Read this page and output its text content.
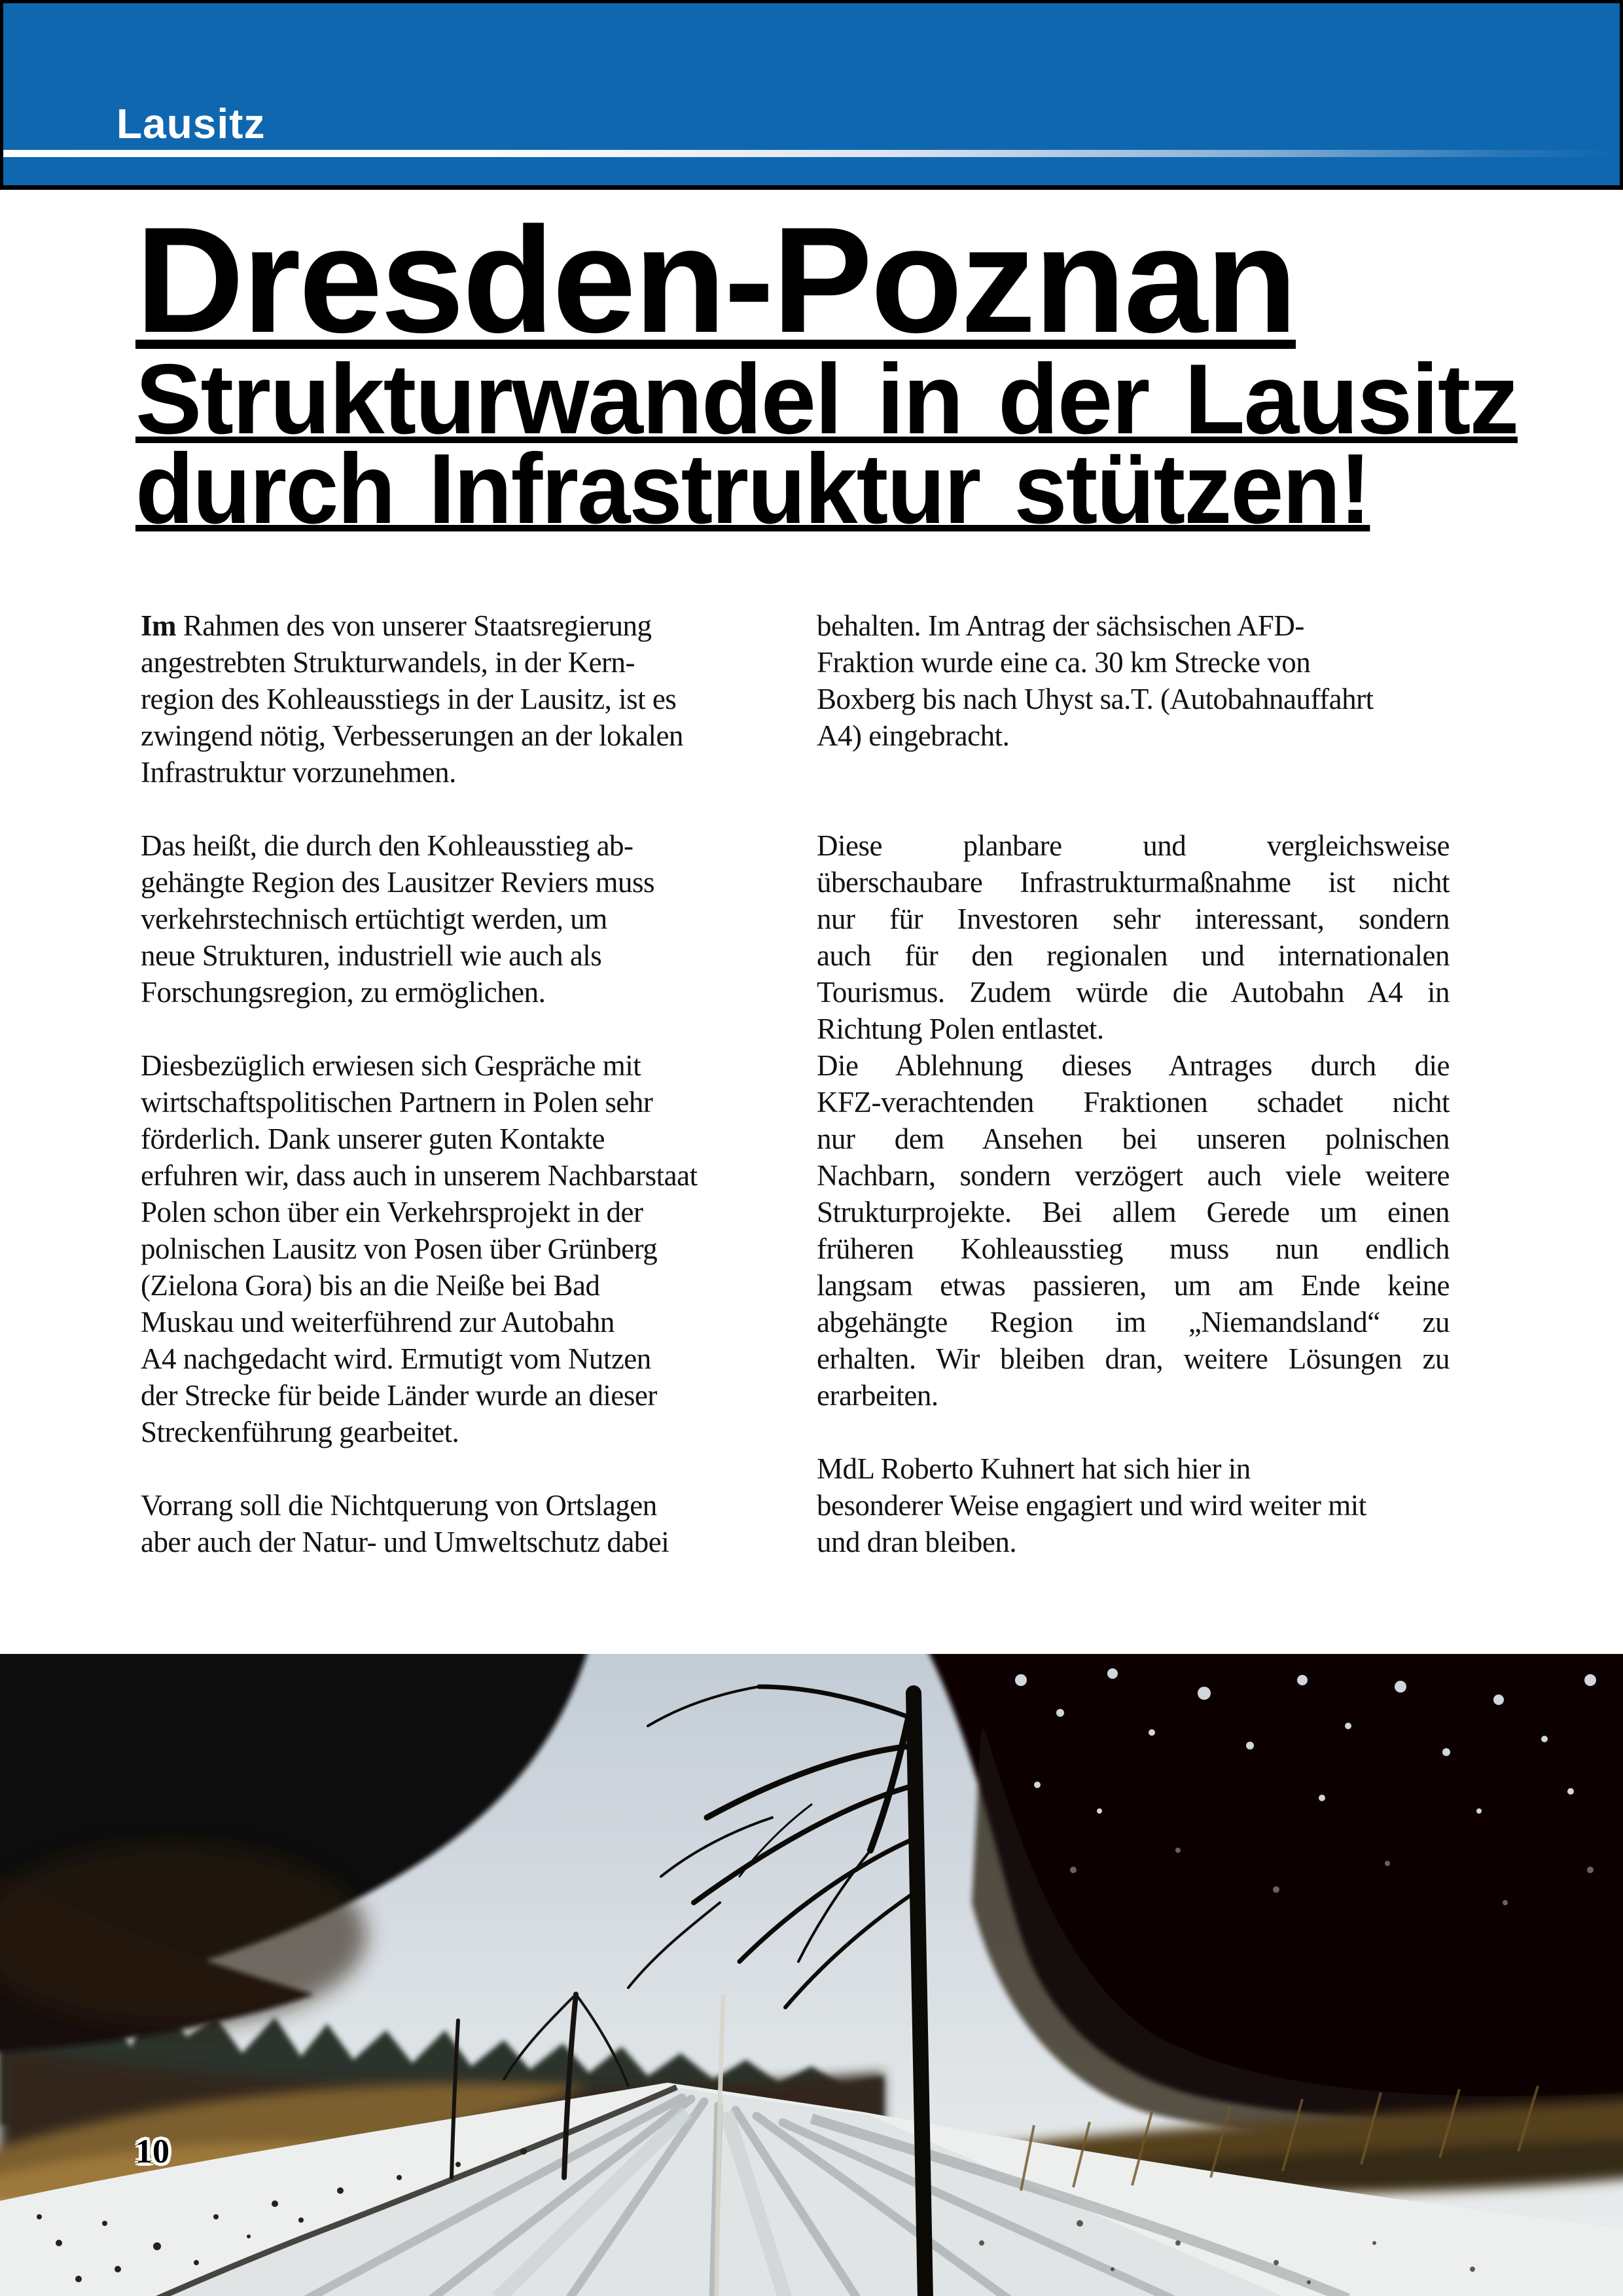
Lausitz
Dresden-Poznan
Strukturwandel in der Lausitz
durch Infrastruktur stützen!
Im Rahmen des von unserer Staatsregierung
angestrebten Strukturwandels, in der Kern-
region des Kohleausstiegs in der Lausitz, ist es
zwingend nötig, Verbesserungen an der lokalen
Infrastruktur vorzunehmen.
Das heißt, die durch den Kohleausstieg ab-
gehängte Region des Lausitzer Reviers muss
verkehrstechnisch ertüchtigt werden, um
neue Strukturen, industriell wie auch als
Forschungsregion, zu ermöglichen.
Diesbezüglich erwiesen sich Gespräche mit
wirtschaftspolitischen Partnern in Polen sehr
förderlich. Dank unserer guten Kontakte
erfuhren wir, dass auch in unserem Nachbarstaat
Polen schon über ein Verkehrsprojekt in der
polnischen Lausitz von Posen über Grünberg
(Zielona Gora) bis an die Neiße bei Bad
Muskau und weiterführend zur Autobahn
A4 nachgedacht wird. Ermutigt vom Nutzen
der Strecke für beide Länder wurde an dieser
Streckenführung gearbeitet.
Vorrang soll die Nichtquerung von Ortslagen
aber auch der Natur- und Umweltschutz dabei
behalten. Im Antrag der sächsischen AFD-
Fraktion wurde eine ca. 30 km Strecke von
Boxberg bis nach Uhyst sa.T. (Autobahnauffahrt
A4) eingebracht.
Diese planbare und vergleichsweise
überschaubare Infrastrukturmaßnahme ist nicht
nur für Investoren sehr interessant, sondern
auch für den regionalen und internationalen
Tourismus. Zudem würde die Autobahn A4 in
Richtung Polen entlastet.
Die Ablehnung dieses Antrages durch die
KFZ-verachtenden Fraktionen schadet nicht
nur dem Ansehen bei unseren polnischen
Nachbarn, sondern verzögert auch viele weitere
Strukturprojekte. Bei allem Gerede um einen
früheren Kohleausstieg muss nun endlich
langsam etwas passieren, um am Ende keine
abgehängte Region im „Niemandsland“ zu
erhalten. Wir bleiben dran, weitere Lösungen zu
erarbeiten.
MdL Roberto Kuhnert hat sich hier in
besonderer Weise engagiert und wird weiter mit
und dran bleiben.
10
